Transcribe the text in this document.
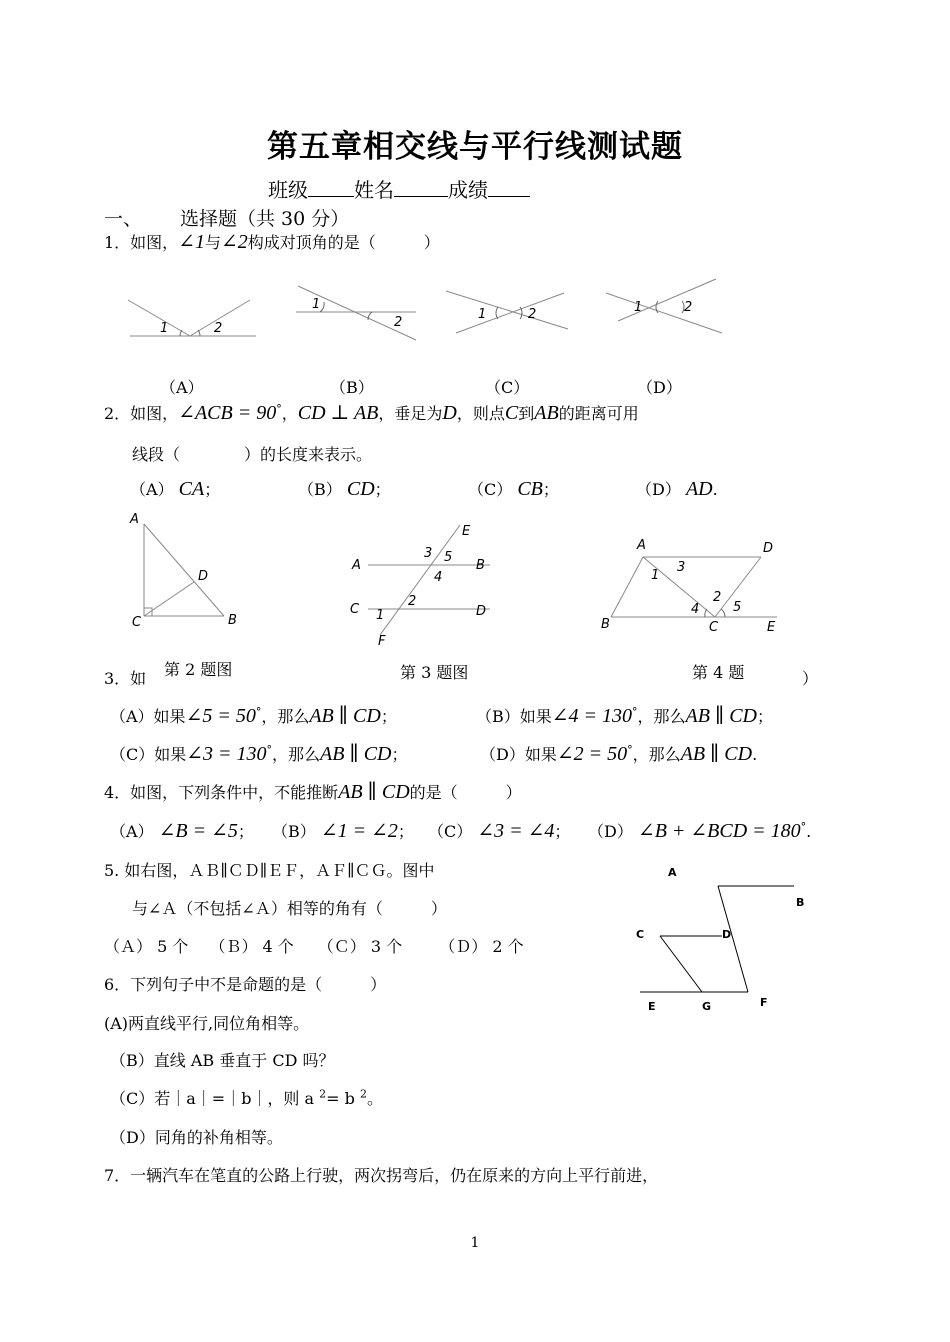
第五章相交线与平行线测试题
班级 姓名	成绩
一、 选择题（共 30 分）
1．如图，∠1与∠2构成对顶角的是（　　　）
1	2
1
2
1	2	1	2
（A）	（B）	（C）	（D）
2．如图，∠ACB = 90°，CD ⊥ AB，垂足为D，则点C到AB的距离可用
线段（　　　　）的长度来表示。
（A） CA；	（B） CD；	（C） CB；	（D） AD.
A
D
C	B
E
A	B
3 5
4
C	D
2
1
F
A	D
1
3
4
2
5
B	C	E
3．如 第 2 题图	第 3 题图	第 4 题	）
（A）如果∠5 = 50°，那么AB ∥ CD；	（B）如果∠4 = 130°，那么AB ∥ CD；
（C）如果∠3 = 130°，那么AB ∥ CD；	（D）如果∠2 = 50°，那么AB ∥ CD.
4．如图，下列条件中，不能推断AB ∥ CD的是（　　　）
（A） ∠B = ∠5； （B） ∠1 = ∠2； （C） ∠3 = ∠4； （D） ∠B + ∠BCD = 180°.
5. 如右图，ＡＢ∥ＣＤ∥ＥＦ，ＡＦ∥ＣＧ。图中
与∠Ａ（不包括∠Ａ）相等的角有（　　　）
（Ａ） 5 个　 （Ｂ） 4 个　　（Ｃ） 3 个　　 （Ｄ） 2 个
A
B
C	D
E	G	F
6．下列句子中不是命题的是（　　　）
(A)两直线平行,同位角相等。
（B）直线 AB 垂直于 CD 吗？
（C）若｜a｜=｜b｜，则 a $^2$= b $^2$。
（D）同角的补角相等。
7．一辆汽车在笔直的公路上行驶，两次拐弯后，仍在原来的方向上平行前进，
1
